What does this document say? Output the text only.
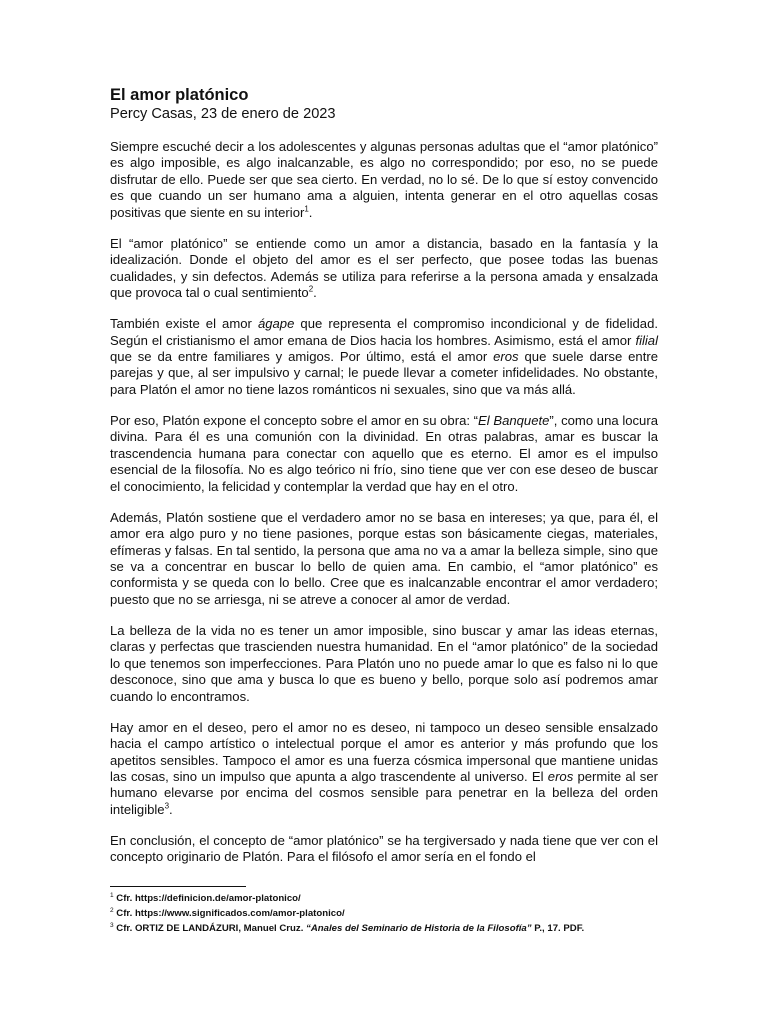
El amor platónico

Percy Casas, 23 de enero de 2023

Siempre escuché decir a los adolescentes y algunas personas adultas que el “amor platónico” es algo imposible, es algo inalcanzable, es algo no correspondido; por eso, no se puede disfrutar de ello. Puede ser que sea cierto. En verdad, no lo sé. De lo que sí estoy convencido es que cuando un ser humano ama a alguien, intenta generar en el otro aquellas cosas positivas que siente en su interior$^1$.

El “amor platónico” se entiende como un amor a distancia, basado en la fantasía y la idealización. Donde el objeto del amor es el ser perfecto, que posee todas las buenas cualidades, y sin defectos. Además se utiliza para referirse a la persona amada y ensalzada que provoca tal o cual sentimiento$^2$.

También existe el amor ágape que representa el compromiso incondicional y de fidelidad. Según el cristianismo el amor emana de Dios hacia los hombres. Asimismo, está el amor filial que se da entre familiares y amigos. Por último, está el amor eros que suele darse entre parejas y que, al ser impulsivo y carnal; le puede llevar a cometer infidelidades. No obstante, para Platón el amor no tiene lazos románticos ni sexuales, sino que va más allá.

Por eso, Platón expone el concepto sobre el amor en su obra: “El Banquete”, como una locura divina. Para él es una comunión con la divinidad. En otras palabras, amar es buscar la trascendencia humana para conectar con aquello que es eterno. El amor es el impulso esencial de la filosofía. No es algo teórico ni frío, sino tiene que ver con ese deseo de buscar el conocimiento, la felicidad y contemplar la verdad que hay en el otro.

Además, Platón sostiene que el verdadero amor no se basa en intereses; ya que, para él, el amor era algo puro y no tiene pasiones, porque estas son básicamente ciegas, materiales, efímeras y falsas. En tal sentido, la persona que ama no va a amar la belleza simple, sino que se va a concentrar en buscar lo bello de quien ama. En cambio, el “amor platónico” es conformista y se queda con lo bello. Cree que es inalcanzable encontrar el amor verdadero; puesto que no se arriesga, ni se atreve a conocer al amor de verdad.

La belleza de la vida no es tener un amor imposible, sino buscar y amar las ideas eternas, claras y perfectas que trascienden nuestra humanidad. En el “amor platónico” de la sociedad lo que tenemos son imperfecciones. Para Platón uno no puede amar lo que es falso ni lo que desconoce, sino que ama y busca lo que es bueno y bello, porque solo así podremos amar cuando lo encontramos.

Hay amor en el deseo, pero el amor no es deseo, ni tampoco un deseo sensible ensalzado hacia el campo artístico o intelectual porque el amor es anterior y más profundo que los apetitos sensibles. Tampoco el amor es una fuerza cósmica impersonal que mantiene unidas las cosas, sino un impulso que apunta a algo trascendente al universo. El eros permite al ser humano elevarse por encima del cosmos sensible para penetrar en la belleza del orden inteligible$^3$.

En conclusión, el concepto de “amor platónico” se ha tergiversado y nada tiene que ver con el concepto originario de Platón. Para el filósofo el amor sería en el fondo el

$^1$ Cfr. https://definicion.de/amor-platonico/
$^2$ Cfr. https://www.significados.com/amor-platonico/
$^3$ Cfr. ORTIZ DE LANDÁZURI, Manuel Cruz. “Anales del Seminario de Historia de la Filosofía” P., 17. PDF.
